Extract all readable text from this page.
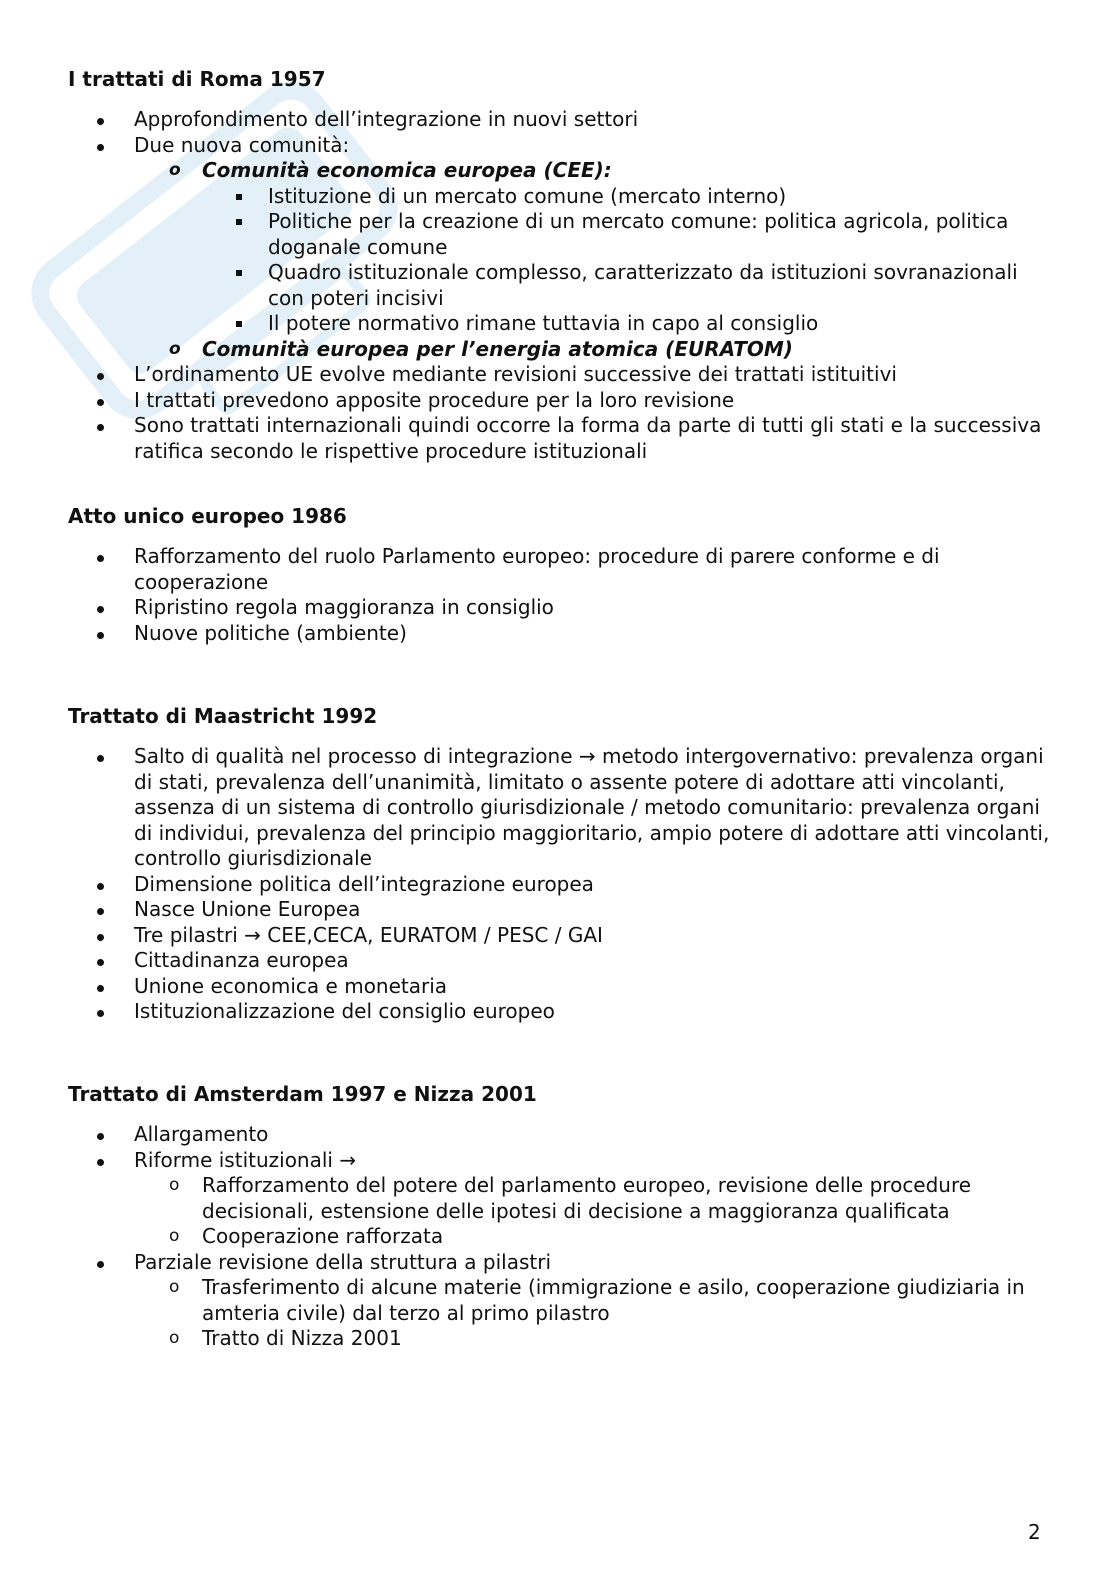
I trattati di Roma 1957
Approfondimento dell’integrazione in nuovi settori
Due nuova comunità:
o Comunità economica europea (CEE):
Istituzione di un mercato comune (mercato interno)
Politiche per la creazione di un mercato comune: politica agricola, politica doganale comune
Quadro istituzionale complesso, caratterizzato da istituzioni sovranazionali con poteri incisivi
Il potere normativo rimane tuttavia in capo al consiglio
o Comunità europea per l’energia atomica (EURATOM)
L’ordinamento UE evolve mediante revisioni successive dei trattati istituitivi
I trattati prevedono apposite procedure per la loro revisione
Sono trattati internazionali quindi occorre la forma da parte di tutti gli stati e la successiva ratifica secondo le rispettive procedure istituzionali
Atto unico europeo 1986
Rafforzamento del ruolo Parlamento europeo: procedure di parere conforme e di cooperazione
Ripristino regola maggioranza in consiglio
Nuove politiche (ambiente)
Trattato di Maastricht 1992
Salto di qualità nel processo di integrazione → metodo intergovernativo: prevalenza organi di stati, prevalenza dell’unanimità, limitato o assente potere di adottare atti vincolanti, assenza di un sistema di controllo giurisdizionale / metodo comunitario: prevalenza organi di individui, prevalenza del principio maggioritario, ampio potere di adottare atti vincolanti, controllo giurisdizionale
Dimensione politica dell’integrazione europea
Nasce Unione Europea
Tre pilastri → CEE,CECA, EURATOM / PESC / GAI
Cittadinanza europea
Unione economica e monetaria
Istituzionalizzazione del consiglio europeo
Trattato di Amsterdam 1997 e Nizza 2001
Allargamento
Riforme istituzionali →
o Rafforzamento del potere del parlamento europeo, revisione delle procedure decisionali, estensione delle ipotesi di decisione a maggioranza qualificata
o Cooperazione rafforzata
Parziale revisione della struttura a pilastri
o Trasferimento di alcune materie (immigrazione e asilo, cooperazione giudiziaria in amteria civile) dal terzo al primo pilastro
o Tratto di Nizza 2001
2
